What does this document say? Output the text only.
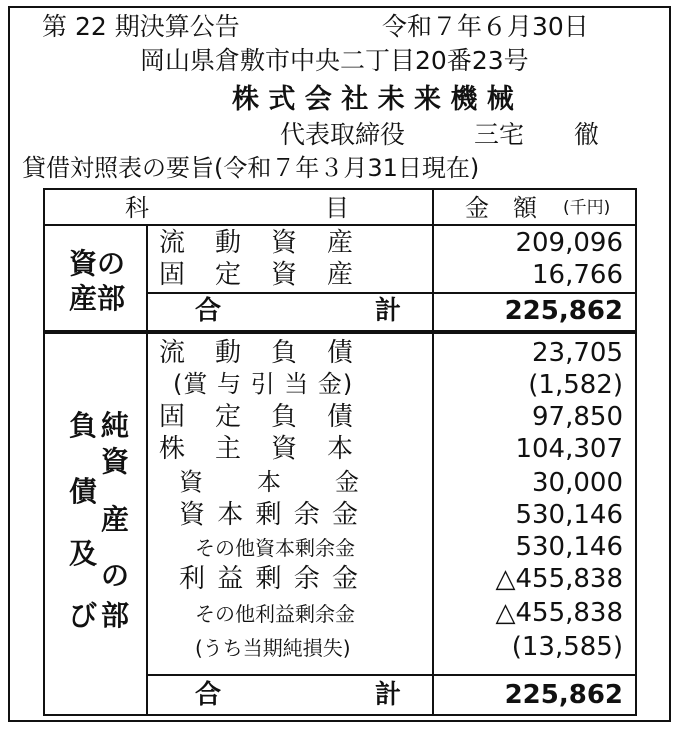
第 22 期決算公告	令和７年６月30日
岡山県倉敷市中央二丁目20番23号
株 式 会 社 未 来 機 械
代表取締役	三宅　　徹
貸借対照表の要旨(令和７年３月31日現在)
科	目	金　額 (千円)
資の
産部
流　動　資　産	209,096
固　定　資　産	16,766
合	計	225,862
負
債
及
び
純
資
産
の
部
流　動　負　債	23,705
(賞 与 引 当 金)	(1,582)
固　定　負　債	97,850
株　主　資　本	104,307
資　　本　　金	30,000
資 本 剰 余 金	530,146
その他資本剰余金	530,146
利 益 剰 余 金	△455,838
その他利益剰余金	△455,838
(うち当期純損失)	(13,585)
合	計	225,862
